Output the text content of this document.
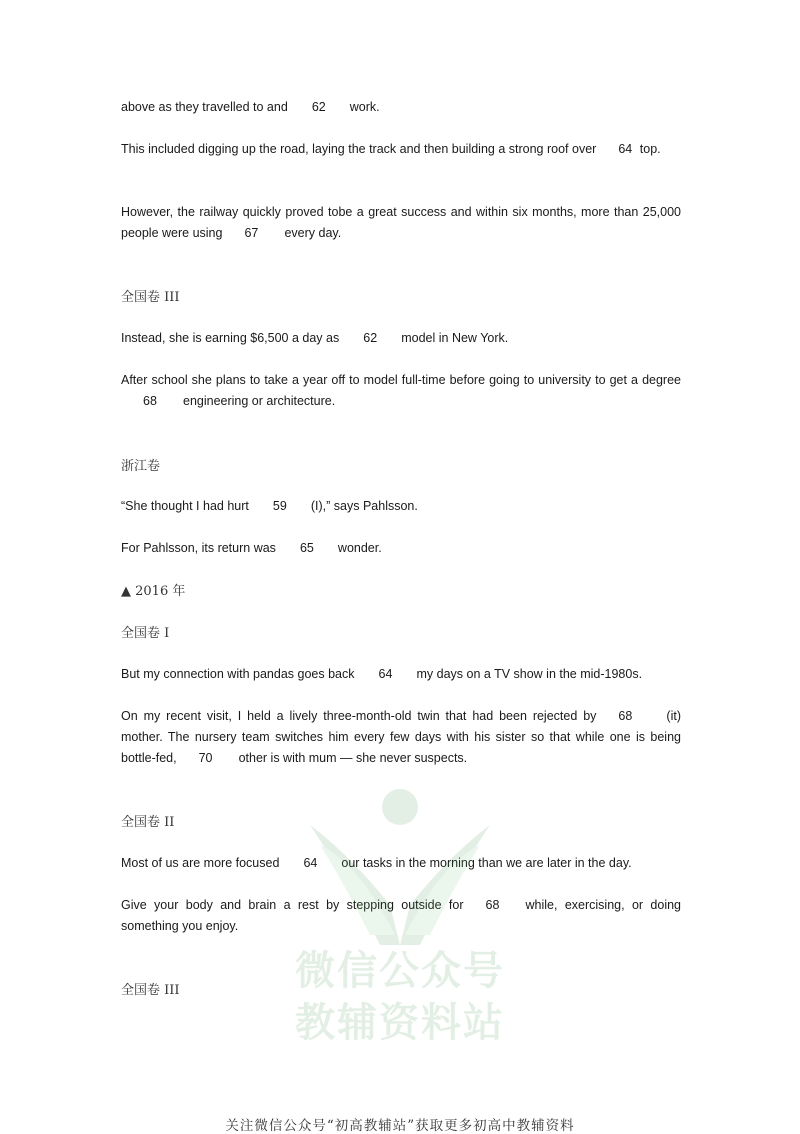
above as they travelled to and 62 work.

This included digging up the road, laying the track and then building a strong roof over 64 top.

However, the railway quickly proved tobe a great success and within six months, more than 25,000 people were using 67 every day.

全国卷 III

Instead, she is earning $6,500 a day as 62 model in New York.

After school she plans to take a year off to model full-time before going to university to get a degree68 engineering or architecture.

浙江卷

“She thought I had hurt 59 (I),” says Pahlsson.

For Pahlsson, its return was 65 wonder.

▲ 2016 年
全国卷 I

But my connection with pandas goes back 64 my days on a TV show in the mid-1980s.

On my recent visit, I held a lively three-month-old twin that had been rejected by 68	(it) mother. The nursery team switches him every few days with his sister so that while one is being bottle-fed, 70 other is with mum — she never suspects.

全国卷 II

Most of us are more focused 64 our tasks in the morning than we are later in the day.

Give your body and brain a rest by stepping outside for 68 while, exercising, or doing something you enjoy.

全国卷 III	微信公众号
教辅资料站
关注微信公众号“初高教辅站”获取更多初高中教辅资料
